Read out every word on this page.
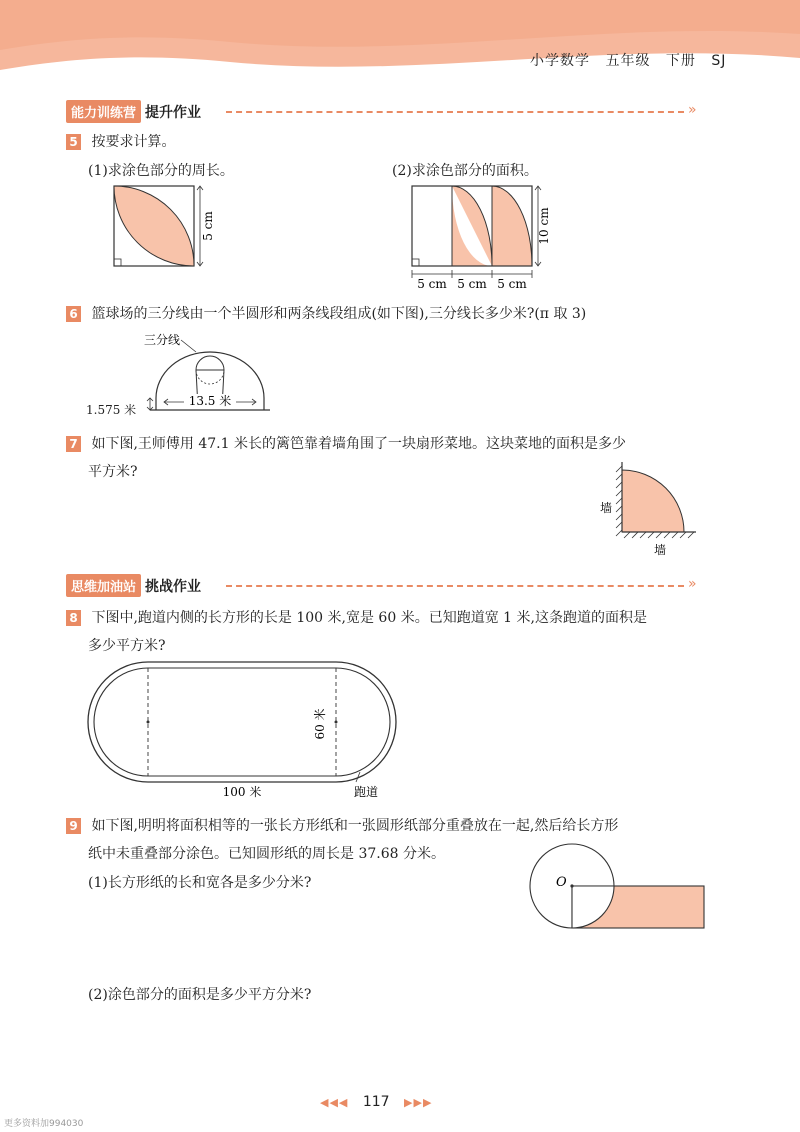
小学数学 五年级 下册 SJ
能力训练营 提升作业	»
5 按要求计算。
(1)求涂色部分的周长。	(2)求涂色部分的面积。
5 cm	10 cm
5 cm 5 cm 5 cm
6 篮球场的三分线由一个半圆形和两条线段组成(如下图),三分线长多少米?(π 取 3)
三分线
13.5 米
1.575 米
7 如下图,王师傅用 47.1 米长的篱笆靠着墙角围了一块扇形菜地。这块菜地的面积是多少
平方米?
墙
墙
思维加油站 挑战作业	»
8 下图中,跑道内侧的长方形的长是 100 米,宽是 60 米。已知跑道宽 1 米,这条跑道的面积是
多少平方米?
60 米
100 米	跑道
9 如下图,明明将面积相等的一张长方形纸和一张圆形纸部分重叠放在一起,然后给长方形
纸中未重叠部分涂色。已知圆形纸的周长是 37.68 分米。
(1)长方形纸的长和宽各是多少分米?	O
(2)涂色部分的面积是多少平方分米?
◀◀◀ 117 ▶▶▶
更多资料加994030
